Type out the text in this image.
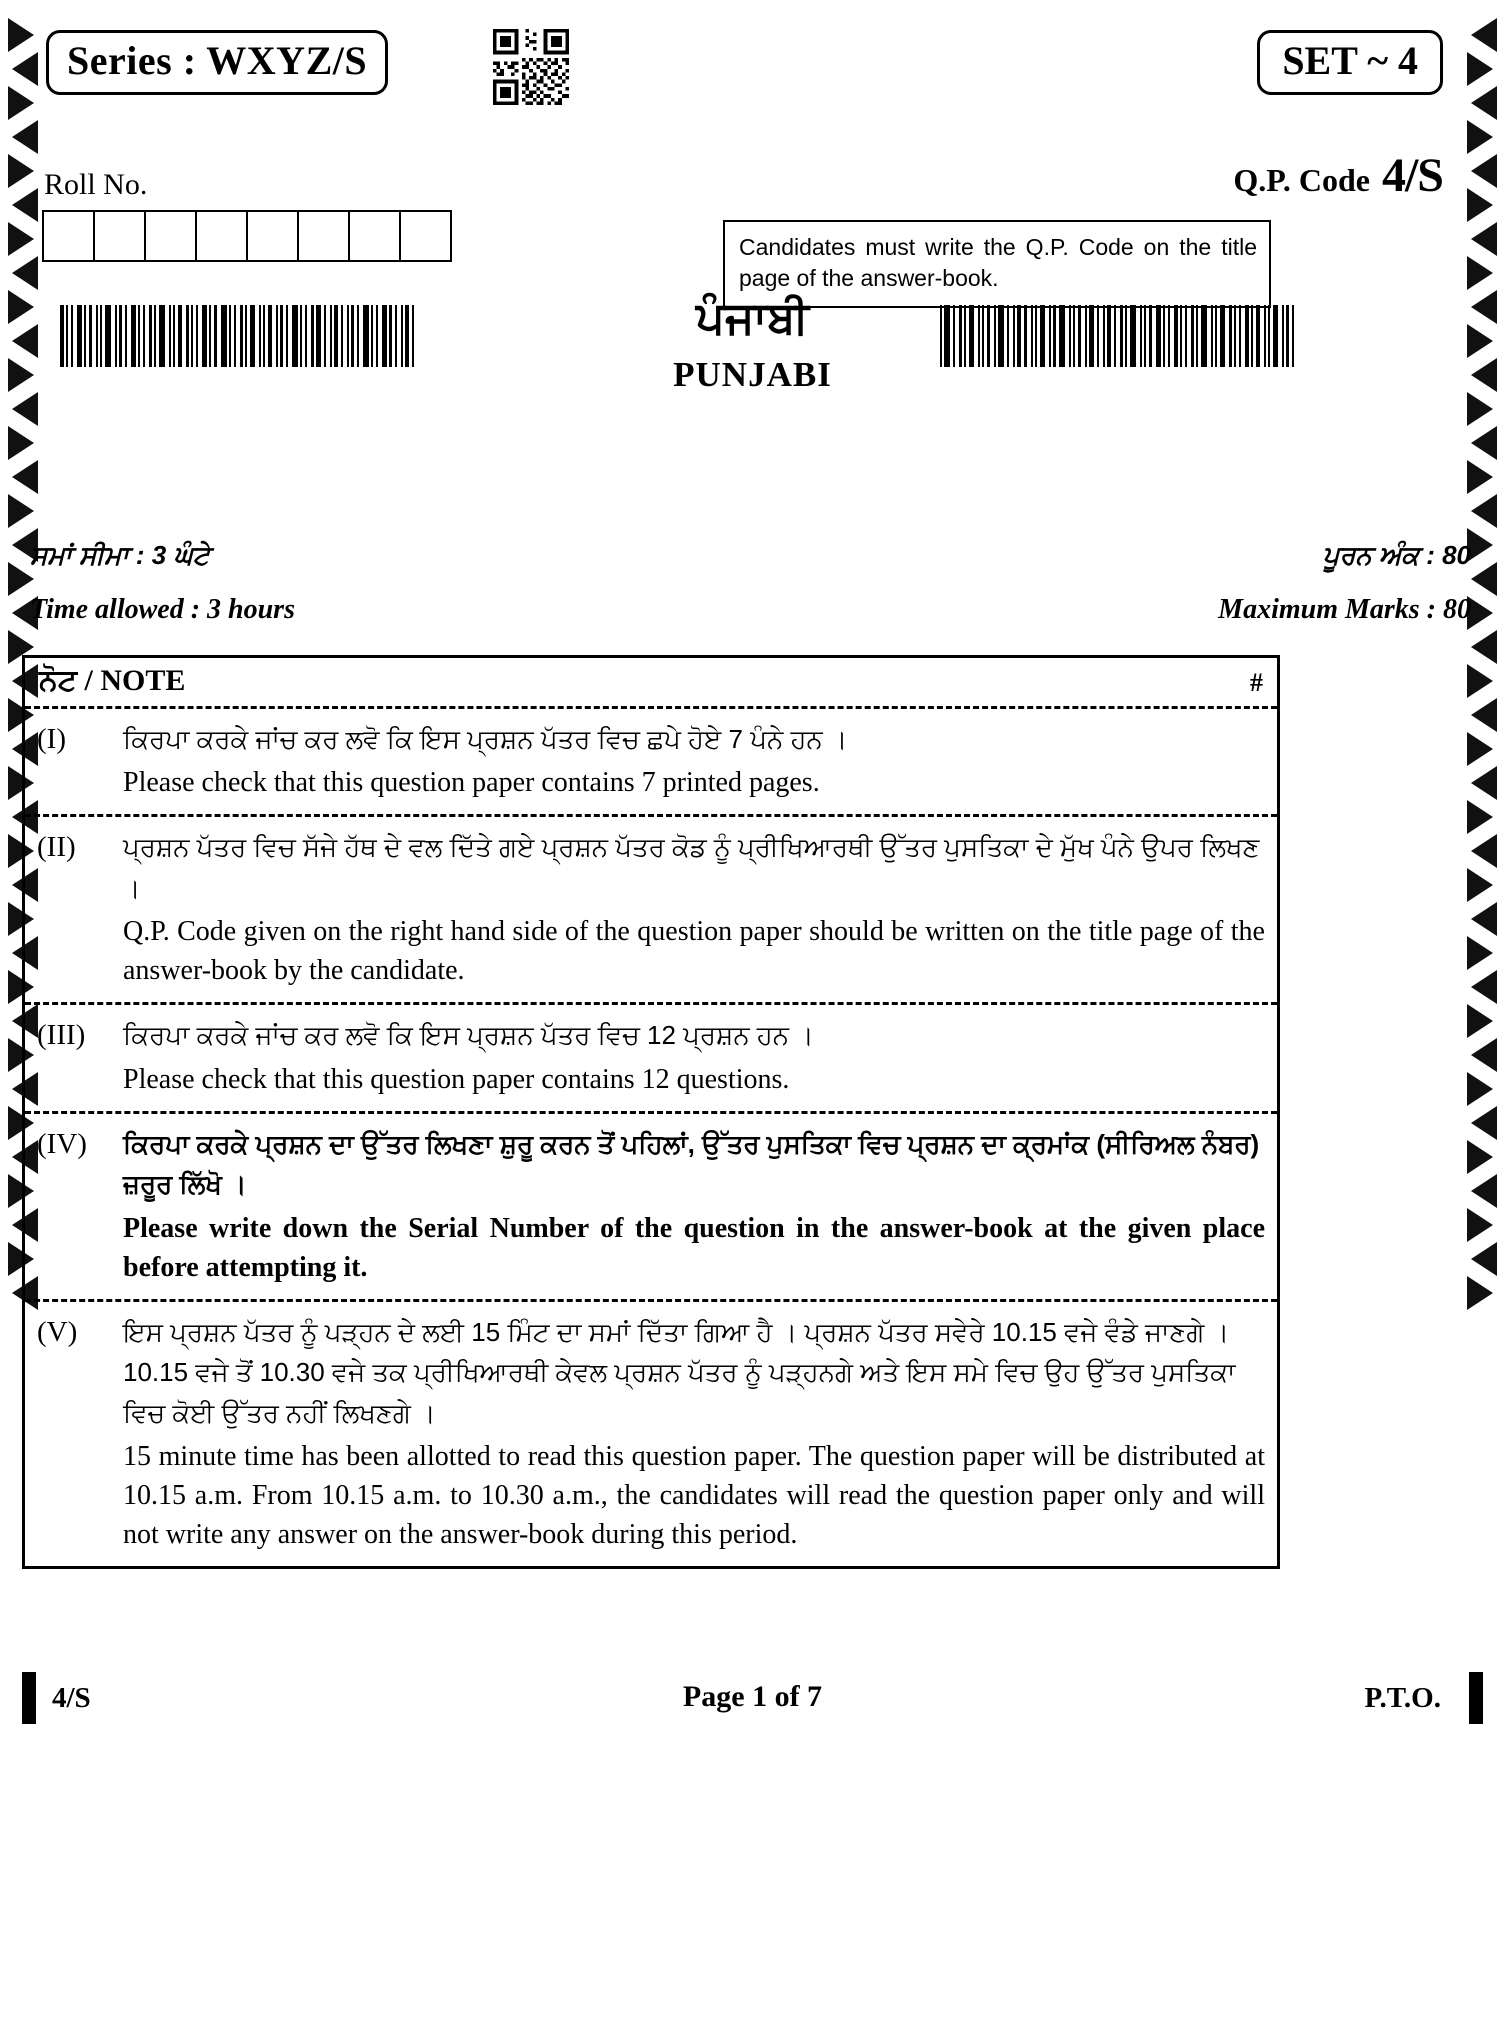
Series : WXYZ/S	SET ~ 4
Roll No.	Q.P. Code 4/S
Candidates must write the Q.P. Code on the title page of the answer-book.
ਪੰਜਾਬੀ
PUNJABI
ਸਮਾਂ ਸੀਮਾ : 3 ਘੰਟੇ	ਪੂਰਨ ਅੰਕ : 80
Time allowed : 3 hours	Maximum Marks : 80
ਨੋਟ / NOTE	#
(I)	ਕਿਰਪਾ ਕਰਕੇ ਜਾਂਚ ਕਰ ਲਵੋ ਕਿ ਇਸ ਪ੍ਰਸ਼ਨ ਪੱਤਰ ਵਿਚ ਛਪੇ ਹੋਏ 7 ਪੰਨੇ ਹਨ ।
Please check that this question paper contains 7 printed pages.
(II)	ਪ੍ਰਸ਼ਨ ਪੱਤਰ ਵਿਚ ਸੱਜੇ ਹੱਥ ਦੇ ਵਲ ਦਿੱਤੇ ਗਏ ਪ੍ਰਸ਼ਨ ਪੱਤਰ ਕੋਡ ਨੂੰ ਪ੍ਰੀਖਿਆਰਥੀ ਉੱਤਰ ਪੁਸਤਿਕਾ ਦੇ ਮੁੱਖ ਪੰਨੇ ਉਪਰ ਲਿਖਣ ।
Q.P. Code given on the right hand side of the question paper should be written on the title page of the answer-book by the candidate.
(III)	ਕਿਰਪਾ ਕਰਕੇ ਜਾਂਚ ਕਰ ਲਵੋ ਕਿ ਇਸ ਪ੍ਰਸ਼ਨ ਪੱਤਰ ਵਿਚ 12 ਪ੍ਰਸ਼ਨ ਹਨ ।
Please check that this question paper contains 12 questions.
(IV)	ਕਿਰਪਾ ਕਰਕੇ ਪ੍ਰਸ਼ਨ ਦਾ ਉੱਤਰ ਲਿਖਣਾ ਸ਼ੁਰੂ ਕਰਨ ਤੋਂ ਪਹਿਲਾਂ, ਉੱਤਰ ਪੁਸਤਿਕਾ ਵਿਚ ਪ੍ਰਸ਼ਨ ਦਾ ਕ੍ਰਮਾਂਕ (ਸੀਰਿਅਲ ਨੰਬਰ) ਜ਼ਰੂਰ ਲਿੱਖੋ ।
Please write down the Serial Number of the question in the answer-book at the given place before attempting it.
(V)	ਇਸ ਪ੍ਰਸ਼ਨ ਪੱਤਰ ਨੂੰ ਪੜ੍ਹਨ ਦੇ ਲਈ 15 ਮਿੰਟ ਦਾ ਸਮਾਂ ਦਿੱਤਾ ਗਿਆ ਹੈ । ਪ੍ਰਸ਼ਨ ਪੱਤਰ ਸਵੇਰੇ 10.15 ਵਜੇ ਵੰਡੇ ਜਾਣਗੇ । 10.15 ਵਜੇ ਤੋਂ 10.30 ਵਜੇ ਤਕ ਪ੍ਰੀਖਿਆਰਥੀ ਕੇਵਲ ਪ੍ਰਸ਼ਨ ਪੱਤਰ ਨੂੰ ਪੜ੍ਹਨਗੇ ਅਤੇ ਇਸ ਸਮੇ ਵਿਚ ਉਹ ਉੱਤਰ ਪੁਸਤਿਕਾ ਵਿਚ ਕੋਈ ਉੱਤਰ ਨਹੀਂ ਲਿਖਣਗੇ ।
15 minute time has been allotted to read this question paper. The question paper will be distributed at 10.15 a.m. From 10.15 a.m. to 10.30 a.m., the candidates will read the question paper only and will not write any answer on the answer-book during this period.
4/S	Page 1 of 7	P.T.O.
